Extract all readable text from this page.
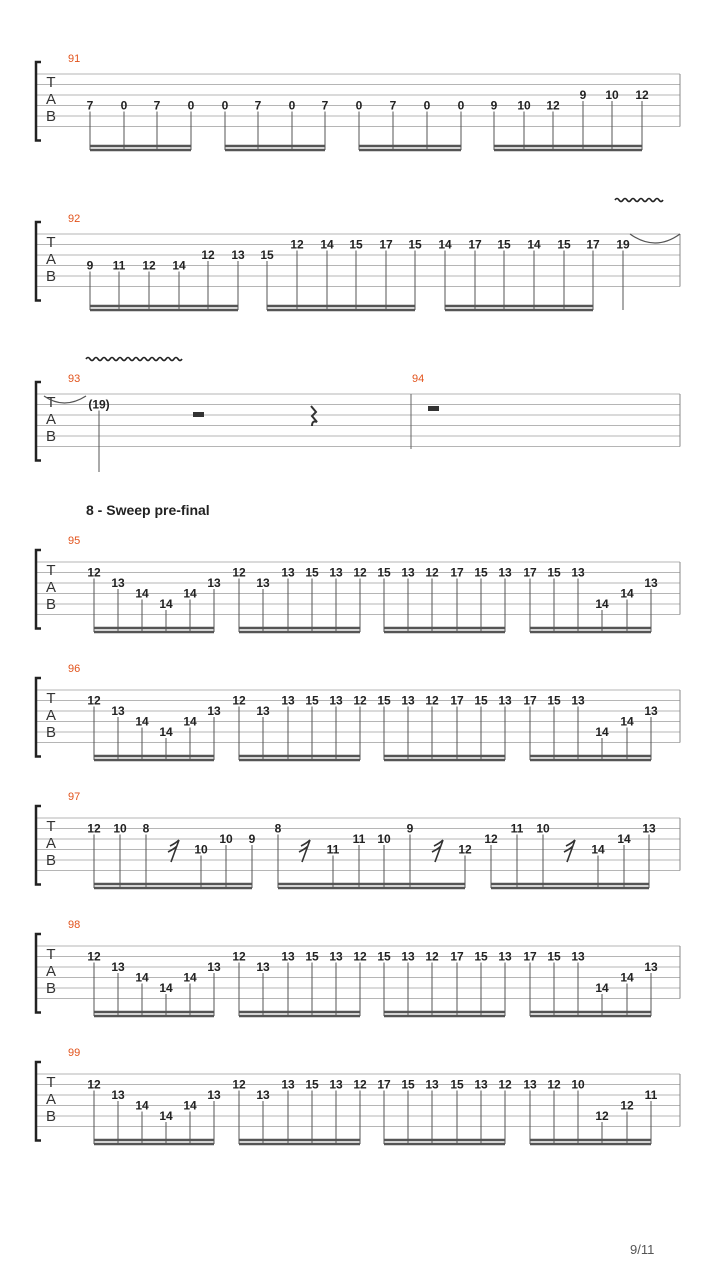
T
A
B
91
7 0 7 0 0 7 0 7 0 7 0 0 9 10 12
9 10 12
T
A
B
92
9 11 12 14
12 13 15
12 14 15 17 15 14 17 15 14 15 17 19
T
A
B
93	94
(19)
T
A
B
95
12
13
14
14
14
13
12
13
13 15 13 12 15 13 12 17 15 13 17 15 13
14
14
13
T
A
B
96
12
13
14
14
14
13
12
13
13 15 13 12 15 13 12 17 15 13 17 15 13
14
14
13
T
A
B
97
12 10 8
10
10 9
8
11
11 10
9
12
12
11 10
14
14
13
T
A
B
98
12
13
14
14
14
13
12
13
13 15 13 12 15 13 12 17 15 13 17 15 13
14
14
13
T
A
B
99
12
13
14
14
14
13
12
13
13 15 13 12 17 15 13 15 13 12 13 12 10
12
12
11
8 - Sweep pre-final
9/11
